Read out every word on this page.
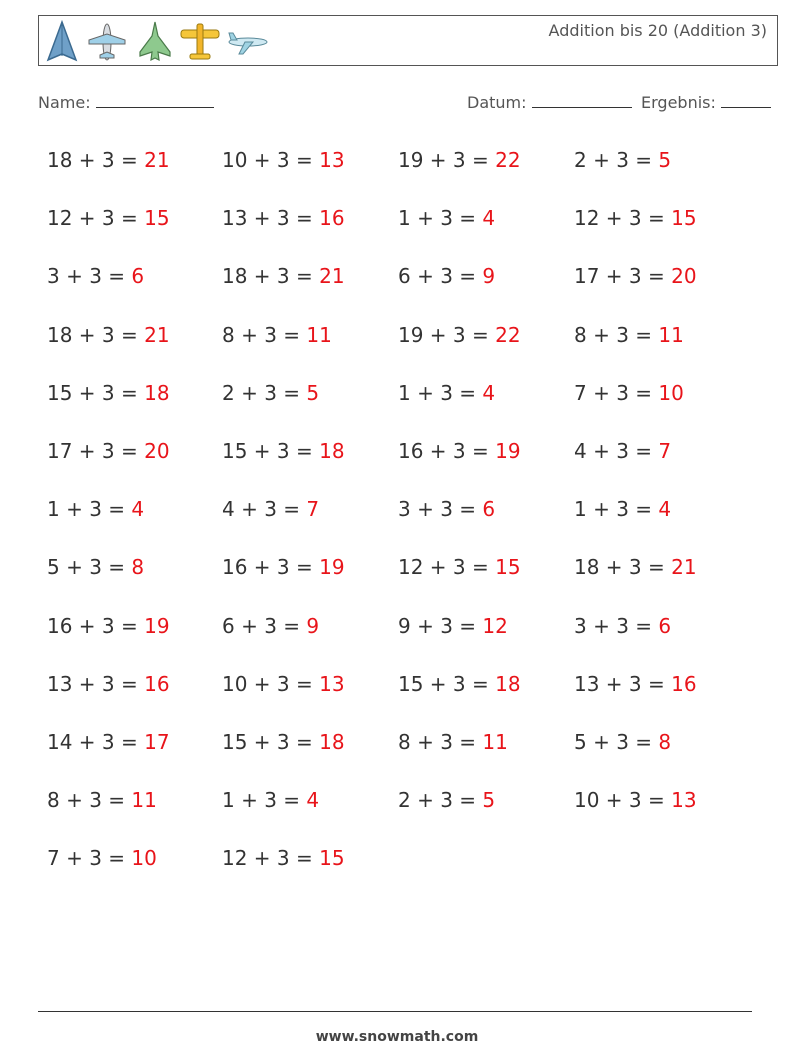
Addition bis 20 (Addition 3)
Name:	Datum:	Ergebnis:
18 + 3 = 21	10 + 3 = 13	19 + 3 = 22	2 + 3 = 5
12 + 3 = 15	13 + 3 = 16	1 + 3 = 4	12 + 3 = 15
3 + 3 = 6	18 + 3 = 21	6 + 3 = 9	17 + 3 = 20
18 + 3 = 21	8 + 3 = 11	19 + 3 = 22	8 + 3 = 11
15 + 3 = 18	2 + 3 = 5	1 + 3 = 4	7 + 3 = 10
17 + 3 = 20	15 + 3 = 18	16 + 3 = 19	4 + 3 = 7
1 + 3 = 4	4 + 3 = 7	3 + 3 = 6	1 + 3 = 4
5 + 3 = 8	16 + 3 = 19	12 + 3 = 15	18 + 3 = 21
16 + 3 = 19	6 + 3 = 9	9 + 3 = 12	3 + 3 = 6
13 + 3 = 16	10 + 3 = 13	15 + 3 = 18	13 + 3 = 16
14 + 3 = 17	15 + 3 = 18	8 + 3 = 11	5 + 3 = 8
8 + 3 = 11	1 + 3 = 4	2 + 3 = 5	10 + 3 = 13
7 + 3 = 10	12 + 3 = 15
www.snowmath.com
